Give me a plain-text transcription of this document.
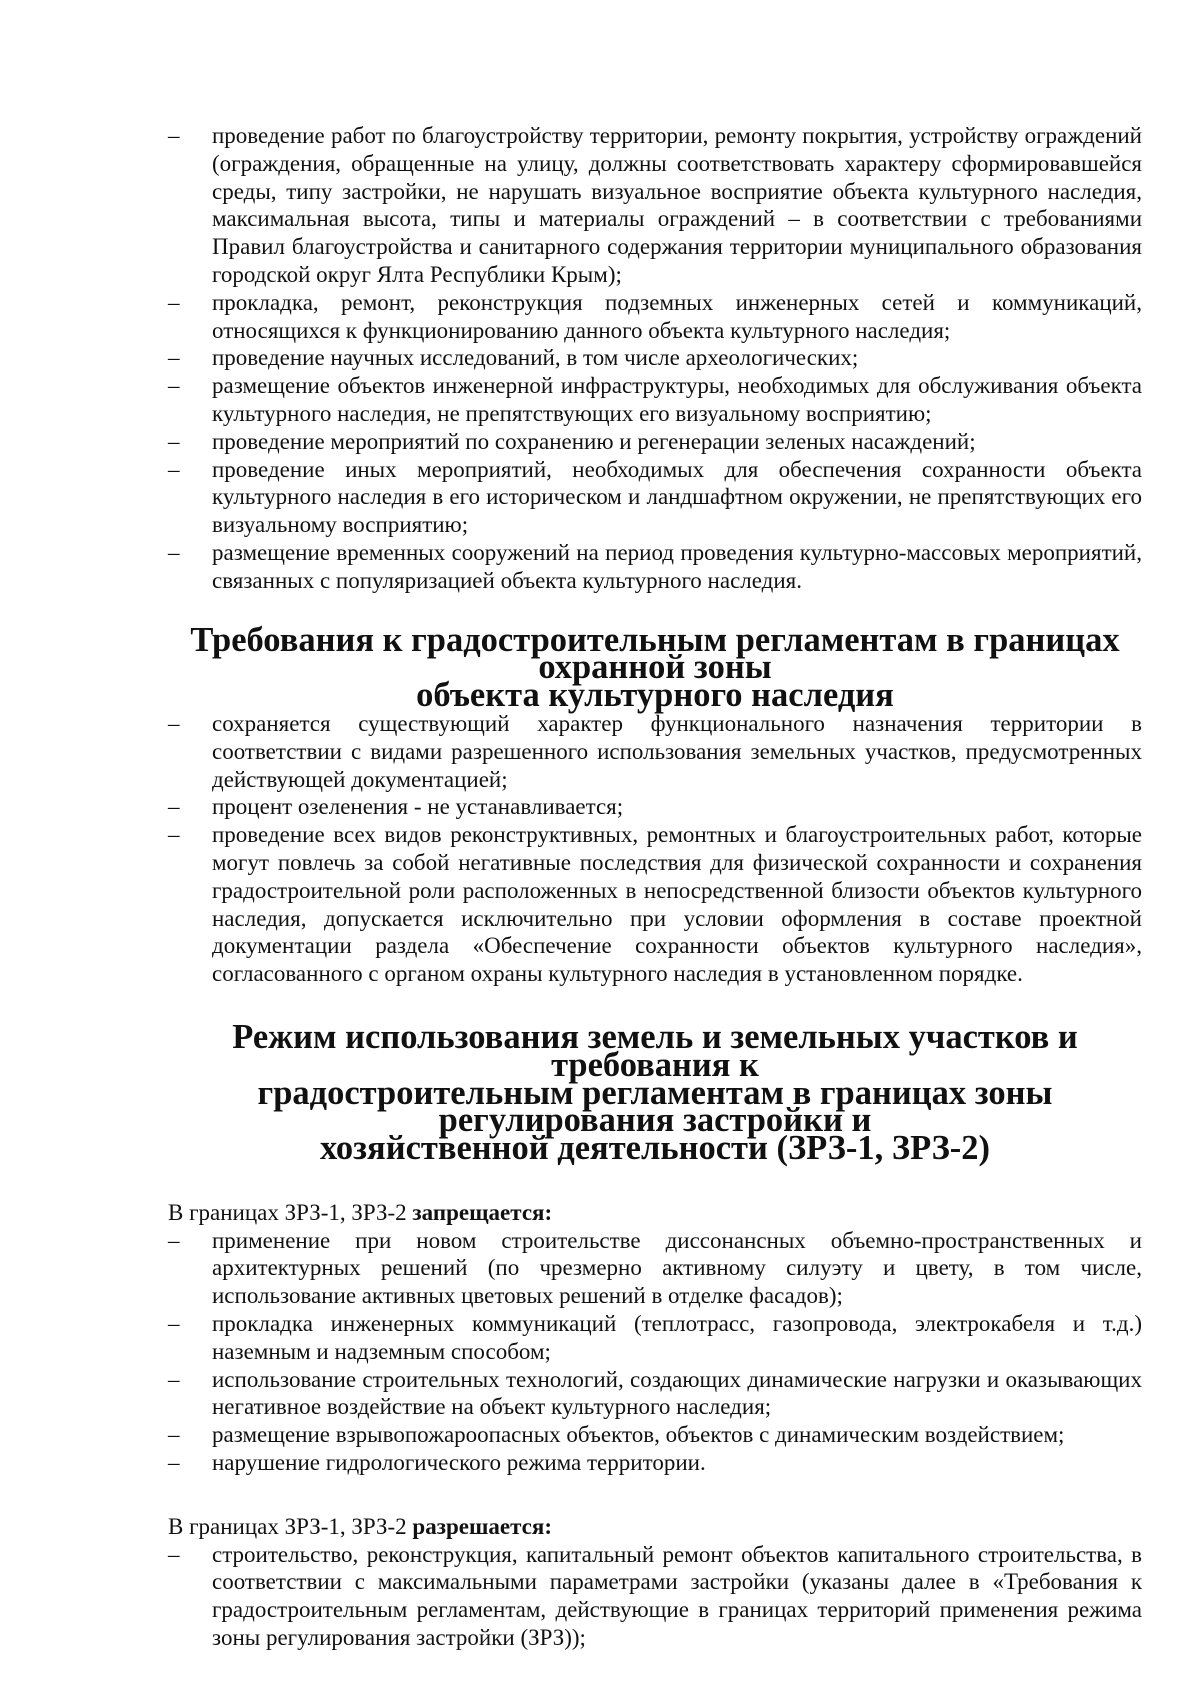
–	проведение работ по благоустройству территории, ремонту покрытия, устройству ограждений (ограждения, обращенные на улицу, должны соответствовать характеру сформировавшейся среды, типу застройки, не нарушать визуальное восприятие объекта культурного наследия, максимальная высота, типы и материалы ограждений – в соответствии с требованиями Правил благоустройства и санитарного содержания территории муниципального образования городской округ Ялта Республики Крым);
–	прокладка, ремонт, реконструкция подземных инженерных сетей и коммуникаций, относящихся к функционированию данного объекта культурного наследия;
–	проведение научных исследований, в том числе археологических;
–	размещение объектов инженерной инфраструктуры, необходимых для обслуживания объекта культурного наследия, не препятствующих его визуальному восприятию;
–	проведение мероприятий по сохранению и регенерации зеленых насаждений;
–	проведение иных мероприятий, необходимых для обеспечения сохранности объекта культурного наследия в его историческом и ландшафтном окружении, не препятствующих его визуальному восприятию;
–	размещение временных сооружений на период проведения культурно-массовых мероприятий, связанных с популяризацией объекта культурного наследия.
Требования к градостроительным регламентам в границах охранной зоны
объекта культурного наследия
–	сохраняется существующий характер функционального назначения территории в соответствии с видами разрешенного использования земельных участков, предусмотренных действующей документацией;
–	процент озеленения - не устанавливается;
–	проведение всех видов реконструктивных, ремонтных и благоустроительных работ, которые могут повлечь за собой негативные последствия для физической сохранности и сохранения градостроительной роли расположенных в непосредственной близости объектов культурного наследия, допускается исключительно при условии оформления в составе проектной документации раздела «Обеспечение сохранности объектов культурного наследия», согласованного с органом охраны культурного наследия в установленном порядке.
Режим использования земель и земельных участков и требования к
градостроительным регламентам в границах зоны регулирования застройки и
хозяйственной деятельности (ЗРЗ-1, ЗРЗ-2)

В границах ЗРЗ-1, ЗРЗ-2 запрещается:

–	применение при новом строительстве диссонансных объемно-пространственных и архитектурных решений (по чрезмерно активному силуэту и цвету, в том числе, использование активных цветовых решений в отделке фасадов);
–	прокладка инженерных коммуникаций (теплотрасс, газопровода, электрокабеля и т.д.) наземным и надземным способом;
–	использование строительных технологий, создающих динамические нагрузки и оказывающих негативное воздействие на объект культурного наследия;
–	размещение взрывопожароопасных объектов, объектов с динамическим воздействием;
–	нарушение гидрологического режима территории.

В границах ЗРЗ-1, ЗРЗ-2 разрешается:

–	строительство, реконструкция, капитальный ремонт объектов капитального строительства, в соответствии с максимальными параметрами застройки (указаны далее в «Требования к градостроительным регламентам, действующие в границах территорий применения режима зоны регулирования застройки (ЗРЗ));
